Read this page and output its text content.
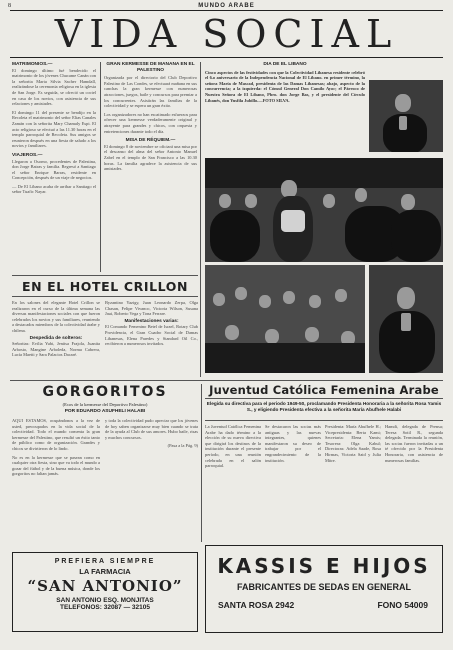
8	MUNDO ARABE
VIDA SOCIAL
MATRIMONIOS.—
El domingo último fué bendecido el matrimonio de los jóvenes Chucame Canán con la señorita Marta Silvia Sacher Hamdall, realizándose la ceremonia religiosa en la iglesia de San Jorge. Es seguida, se ofreció un coctel en casa de los novios, con asistencia de sus relaciones y amistades.
El domingo 11 del presente se bendijo en la Recoleta el matrimonio del señor Elias Canales Zamán con la señorita Mary Chamaly Espi. El acto religioso se efectuó a las 11.30 horas en el templo parroquial de Recoleta. Sus amigos se reunieron después en una fiesta de saludo a los novios y familiares.
VIAJEROS.—
Llegaron a Osorno, procedentes de Palestina, don Jorge Batras y familia. Regresó a Santiago el señor Enrique Barras, residente en Concepción, después de un viaje de negocios.
— De El Líbano acaba de arribar a Santiago el señor Tuafic Nayar.
GRAN KERMESSE DE MAÑANA EN EL PALESTINO
Organizada por el directorio del Club Deportivo Palestino de Las Condes, se efectuará mañana en sus canchas la gran kermesse con numerosas atracciones, juegos, baile y concursos para premiar a los concurrentes. Asistirán las familias de la colectividad y se espera un gran éxito.
Los organizadores no han escatimado esfuerzos para ofrecer una kermesse verdaderamente original y atrayente para grandes y chicos, con orquesta y entretenciones durante todo el día.
MISA DE RÉQUIEM.—
El domingo 8 de noviembre se oficiará una misa por el descanso del alma del señor Antonio Manuel Zabel en el templo de San Francisco a las 10.30 horas. La familia agradece la asistencia de sus amistades.
DIA DE EL LIBANO
Cinco aspectos de las festividades con que la Colectividad Libanesa residente celebró el 6.o aniversario de la Independencia Nacional de El Líbano. en primer término, la señora María de Mascad, presidenta de las Damas Libanesas; abajo, aspecto de la concurrencia; a la izquierda: el Cónsul General Don Camilo Ayoc; el Párroco de Nuestra Señora de El Líbano, Pbro. don Jorge Bas, y el presidente del Círculo Libanés, don Yusfila Jubillo.—FOTO SILVA.
EN EL HOTEL CRILLON
En los salones del elegante Hotel Crillon se realizaron en el curso de la última semana las diversas manifestaciones sociales con que fueron celebrados los novios y sus familiares, reuniendo a destacados miembros de la colectividad árabe y chilena.
Despedida de solteros:
Señoritas: Evilia Yubi, Jenitsa Frajola, Juanita Arbosto, Mangine Arboleda, Norma Cabrera, Lucía Maetti y Sara Palacios Dacaré.
Byzantino Yazigy, Juan Leonardo Zerpa, Olga Chasan, Felipe Vivanco, Victoria Wilson, Susana Jaui, Roberto Vega y Tona Ferrare.
Manifestaciones varias:
El Comando Femenino Betel de Israel, Rotary Club Providencia, el Gran Cuadro Social de Damas Libanesas, Elena Paredes y Standard Oil Co., recibieron a numerosos invitados.
GORGORITOS
(Ecos de la kermesse del Deportivo Palestino)
POR EDUARDO ASUFHELI HALABI
AQUI ESTAMOS, ocupándonos a la vez de usted, preocupados en la vida social de la colectividad. Todo el mundo comenta la gran kermesse del Palestino, que resultó un éxito tanto de público como de organización. Grandes y chicos se divirtieron de lo lindo.
No es en la kermesse que se pasean como en cualquier otra fiesta, sino que va todo el mundo a gozar del fútbol y de la buena música, donde los gorgoritos no faltan jamás.
y toda la colectividad pudo apreciar que los jóvenes de hoy saben organizarse muy bien cuando se trata de la ayuda al Club de sus amores. Hubo baile, risas y muchos concursos.
(Pasa a la Pág. 9)
Juventud Católica Femenina Arabe
Elegida su directiva para el periodo 1949-50, proclamando Presidenta Honoraria a la señorita Rosa Yamis S., y eligiendo Presidenta efectiva a la señorita María Abufhele Halabi
La Juventud Católica Femenina Arabe ha dado término a la elección de su nueva directiva que dirigirá los destinos de la institución durante el presente período, en una reunión celebrada en el salón parroquial.
Se destacaron las socias más antiguas y las nuevas integrantes, quienes manifestaron su deseo de trabajar por el engrandecimiento de la institución.
Presidenta: María Abufhele H.; Vicepresidenta: Berta Kami; Secretaria: Elena Yamis; Tesorera: Olga Kabul; Directoras: Adela Saade, Rosa Hirmas, Victoria Said y Julia Mitre.
Hamdi, delegada de Prensa; Teresa Sotil R., segunda delegada. Terminada la reunión, las socias fueron invitadas a un té ofrecido por la Presidenta Honoraria, con asistencia de numerosas familias.
PREFIERA SIEMPRE
LA FARMACIA
“SAN ANTONIO”
SAN ANTONIO ESQ. MONJITAS
TELEFONOS: 32087 — 32105
KASSIS E HIJOS
FABRICANTES DE SEDAS EN GENERAL
SANTA ROSA 2942	FONO 54009
